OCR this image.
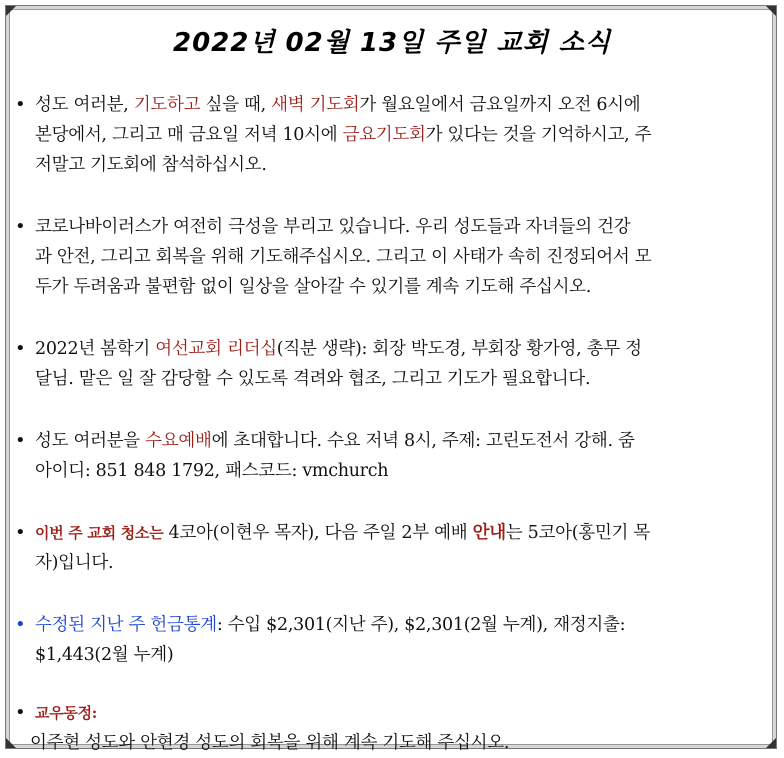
2022년 02월 13일 주일 교회 소식
• 성도 여러분, 기도하고 싶을 때, 새벽 기도회가 월요일에서 금요일까지 오전 6시에
본당에서, 그리고 매 금요일 저녁 10시에 금요기도회가 있다는 것을 기억하시고, 주
저말고 기도회에 참석하십시오.
• 코로나바이러스가 여전히 극성을 부리고 있습니다. 우리 성도들과 자녀들의 건강
과 안전, 그리고 회복을 위해 기도해주십시오. 그리고 이 사태가 속히 진정되어서 모
두가 두려움과 불편함 없이 일상을 살아갈 수 있기를 계속 기도해 주십시오.
• 2022년 봄학기 여선교회 리더십(직분 생략): 회장 박도경, 부회장 황가영, 총무 정
달님. 맡은 일 잘 감당할 수 있도록 격려와 협조, 그리고 기도가 필요합니다.
• 성도 여러분을 수요예배에 초대합니다. 수요 저녁 8시, 주제: 고린도전서 강해. 줌
아이디: 851 848 1792, 패스코드: vmchurch
• 이번 주 교회 청소는 4코아(이현우 목자), 다음 주일 2부 예배 안내는 5코아(홍민기 목
자)입니다.
• 수정된 지난 주 헌금통계: 수입 $2,301(지난 주), $2,301(2월 누계), 재정지출:
$1,443(2월 누계)
• 교우동정:
이주현 성도와 안현경 성도의 회복을 위해 계속 기도해 주십시오.
